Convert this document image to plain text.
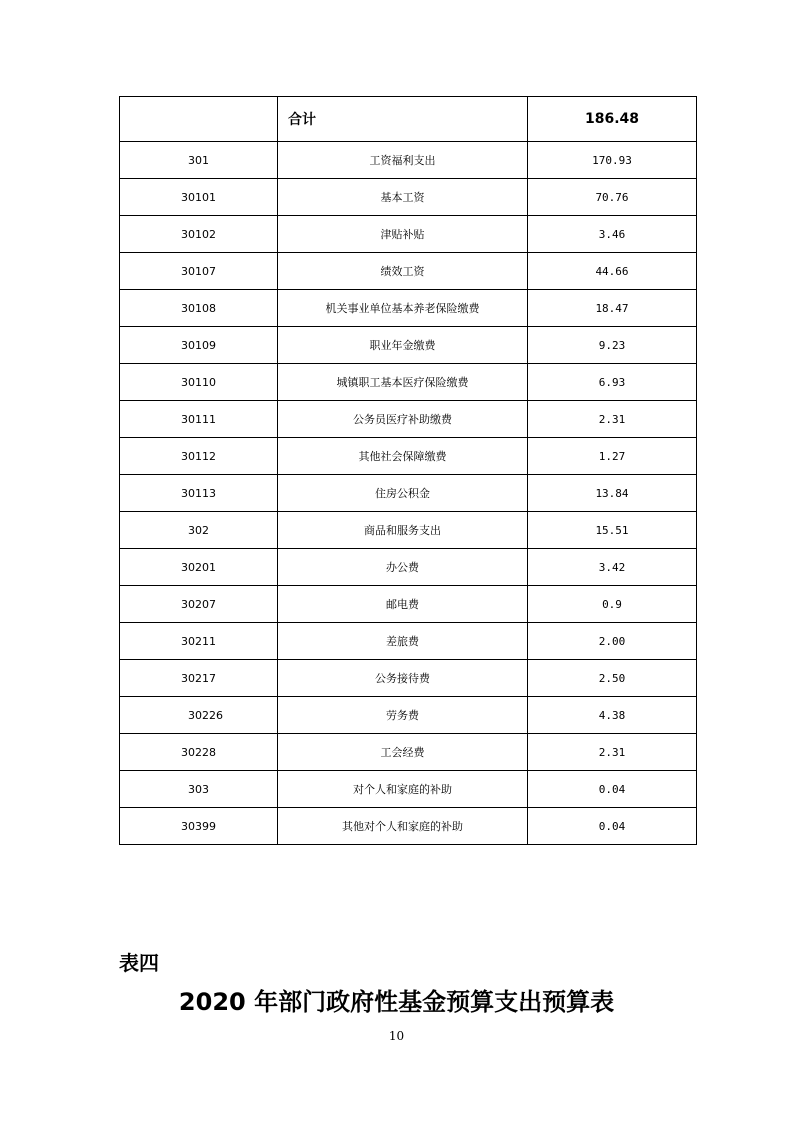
	合计	186.48
301	工资福利支出	170.93
30101	基本工资	70.76
30102	津贴补贴	3.46
30107	绩效工资	44.66
30108	机关事业单位基本养老保险缴费	18.47
30109	职业年金缴费	9.23
30110	城镇职工基本医疗保险缴费	6.93
30111	公务员医疗补助缴费	2.31
30112	其他社会保障缴费	1.27
30113	住房公积金	13.84
302	商品和服务支出	15.51
30201	办公费	3.42
30207	邮电费	0.9
30211	差旅费	2.00
30217	公务接待费	2.50
30226	劳务费	4.38
30228	工会经费	2.31
303	对个人和家庭的补助	0.04
30399	其他对个人和家庭的补助	0.04
表四
2020 年部门政府性基金预算支出预算表
10
